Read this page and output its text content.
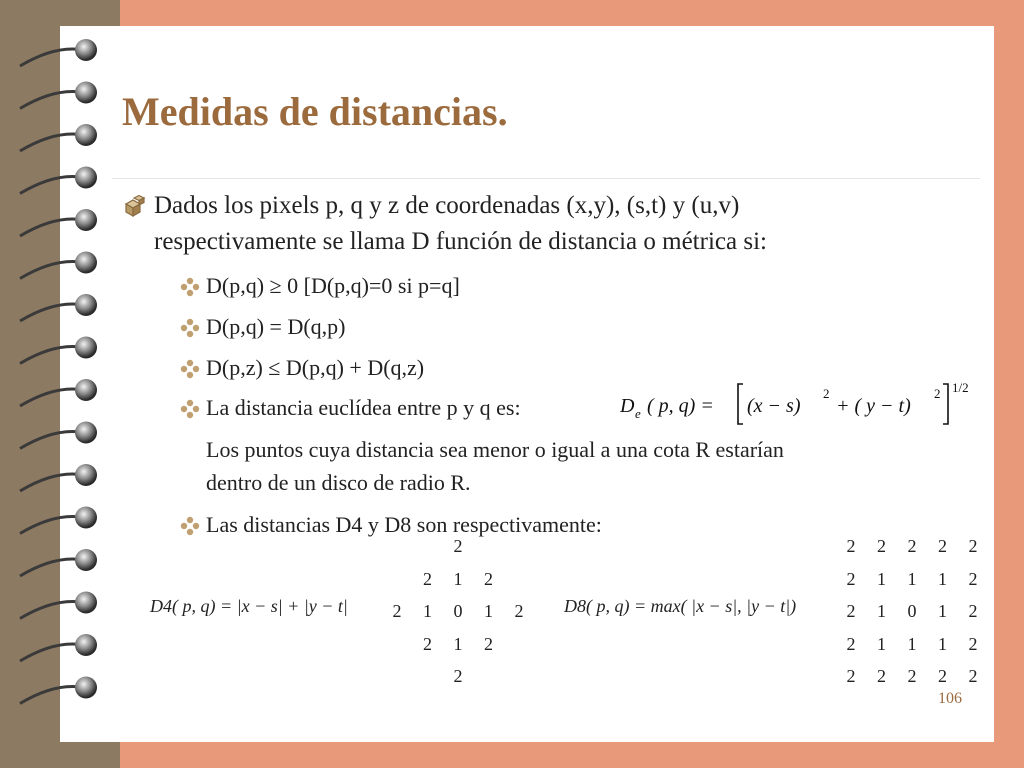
Medidas de distancias.
Dados los pixels p, q y z de coordenadas (x,y), (s,t) y (u,v)
respectivamente se llama D función de distancia o métrica si:
D(p,q) ≥ 0 [D(p,q)=0 si p=q]
D(p,q) = D(q,p)
D(p,z) ≤ D(p,q) + D(q,z)
La distancia euclídea entre p y q es:	D e ( p, q) = (x − s)
2
+ ( y − t)
2 1/2
Los puntos cuya distancia sea menor o igual a una cota R estarían
dentro de un disco de radio R.
Las distancias D4 y D8 son respectivamente:
D4( p, q) = |x − s| + |y − t|	D8( p, q) = max( |x − s|, |y − t|)
2
2	1	2
2	1	0	1	2
2	1	2
2
2	2	2	2	2
2	1	1	1	2
2	1	0	1	2
2	1	1	1	2
2	2	2	2	2
106
